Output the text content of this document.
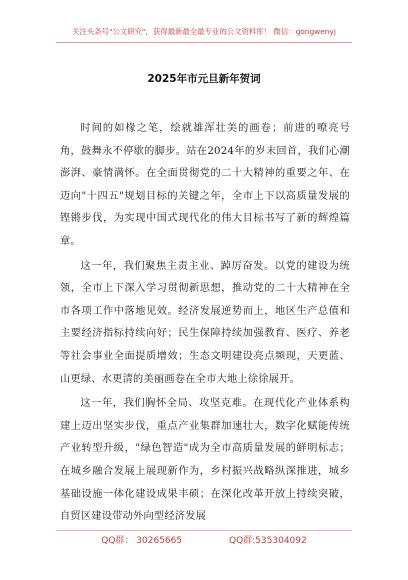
关注头条号"公文研究"，获得最新最全最专业的公文资料库！ 微信：gongwenyj
2025年市元旦新年贺词

时间的如椽之笔，绘就雄浑壮美的画卷；前进的嘹亮号角，鼓舞永不停歇的脚步。站在2024年的岁末回首，我们心潮澎湃、豪情满怀。在全面贯彻党的二十大精神的重要之年、在迈向"十四五"规划目标的关键之年，全市上下以高质量发展的铿锵步伐，为实现中国式现代化的伟大目标书写了新的辉煌篇章。

这一年，我们聚焦主责主业、踔厉奋发。以党的建设为统领，全市上下深入学习贯彻新思想，推动党的二十大精神在全市各项工作中落地见效。经济发展逆势而上，地区生产总值和主要经济指标持续向好；民生保障持续加强教育、医疗、养老等社会事业全面提质增效；生态文明建设亮点频现，天更蓝、山更绿、水更清的美丽画卷在全市大地上徐徐展开。

这一年，我们胸怀全局、攻坚克难。在现代化产业体系构建上迈出坚实步伐，重点产业集群加速壮大，数字化赋能传统产业转型升级，"绿色智造"成为全市高质量发展的鲜明标志；在城乡融合发展上展现新作为，乡村振兴战略纵深推进，城乡基础设施一体化建设成果丰硕；在深化改革开放上持续突破，自贸区建设带动外向型经济发展

QQ群： 30265665	QQ群:535304092
